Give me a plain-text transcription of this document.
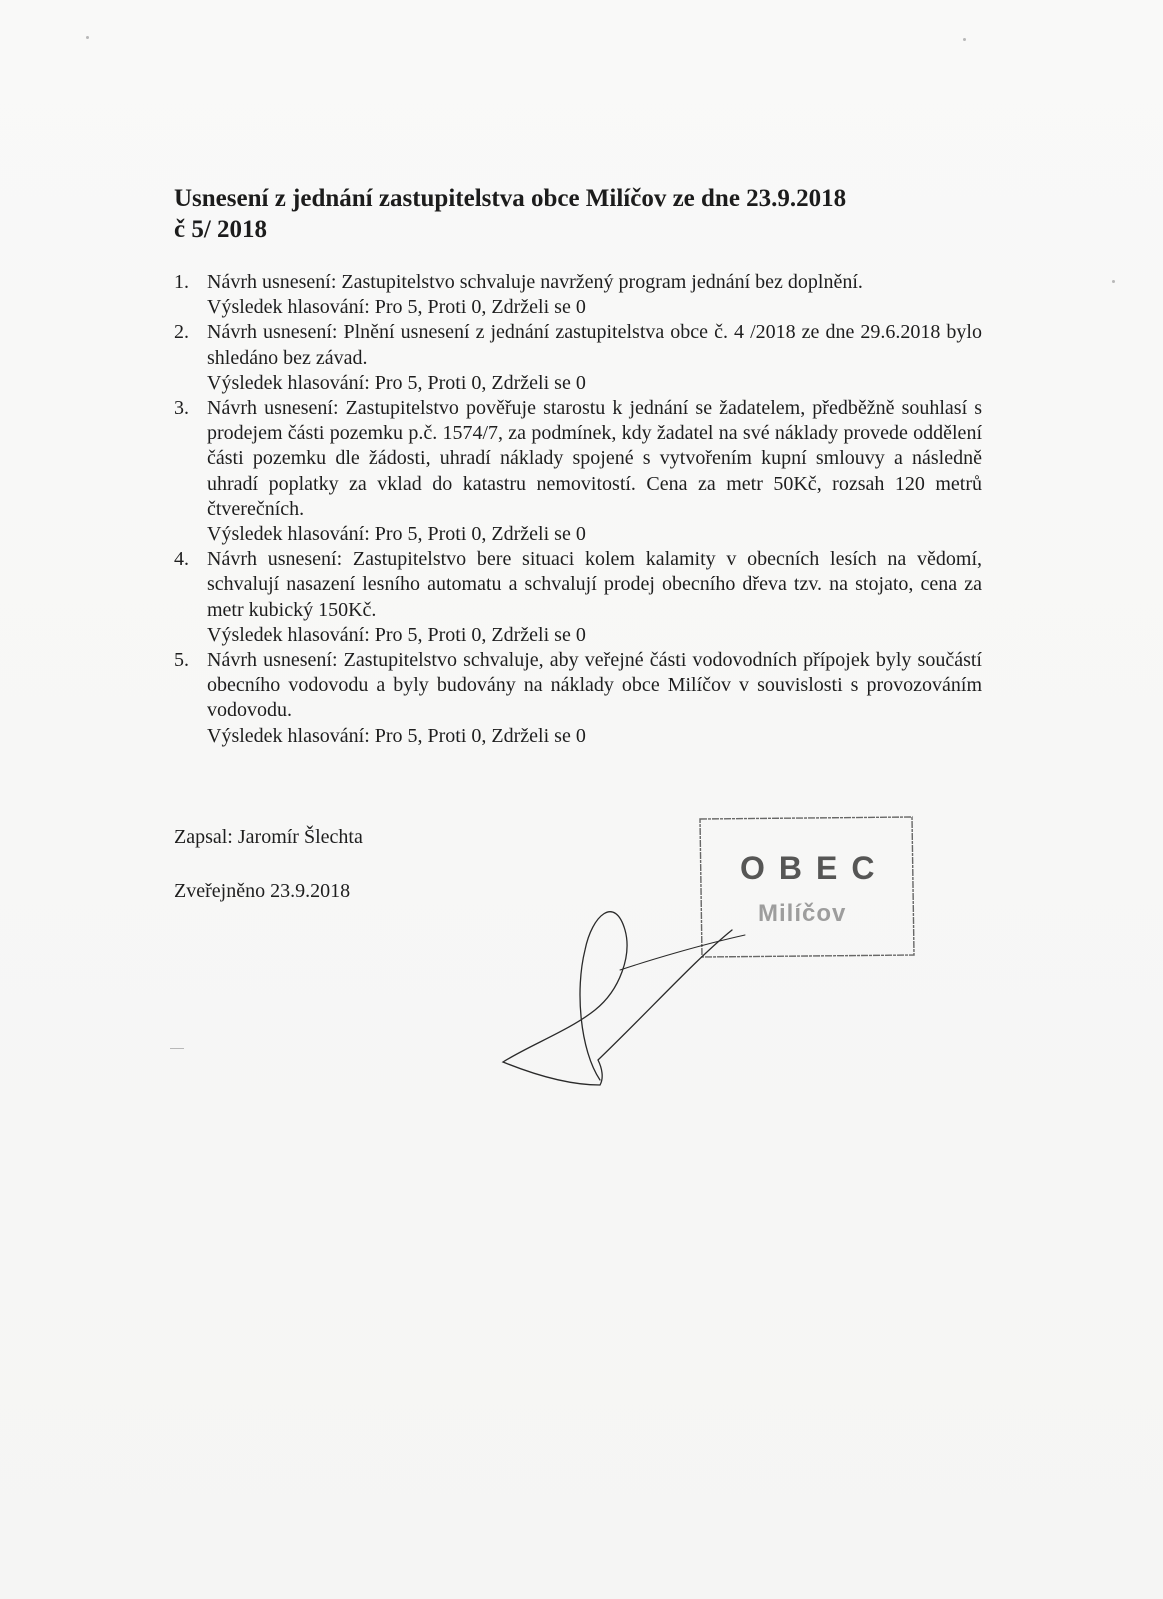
Usnesení z jednání zastupitelstva obce Milíčov ze dne 23.9.2018
č 5/ 2018
1. Návrh usnesení: Zastupitelstvo schvaluje navržený program jednání bez doplnění.
Výsledek hlasování: Pro 5, Proti 0, Zdrželi se 0
2. Návrh usnesení: Plnění usnesení z jednání zastupitelstva obce č. 4 /2018 ze dne 29.6.2018 bylo shledáno bez závad.
Výsledek hlasování: Pro 5, Proti 0, Zdrželi se 0
3. Návrh usnesení: Zastupitelstvo pověřuje starostu k jednání se žadatelem, předběžně souhlasí s prodejem části pozemku p.č. 1574/7, za podmínek, kdy žadatel na své náklady provede oddělení části pozemku dle žádosti, uhradí náklady spojené s vytvořením kupní smlouvy a následně uhradí poplatky za vklad do katastru nemovitostí. Cena za metr 50Kč, rozsah 120 metrů čtverečních.
Výsledek hlasování: Pro 5, Proti 0, Zdrželi se 0
4. Návrh usnesení: Zastupitelstvo bere situaci kolem kalamity v obecních lesích na vědomí, schvalují nasazení lesního automatu a schvalují prodej obecního dřeva tzv. na stojato, cena za metr kubický 150Kč.
Výsledek hlasování: Pro 5, Proti 0, Zdrželi se 0
5. Návrh usnesení: Zastupitelstvo schvaluje, aby veřejné části vodovodních přípojek byly součástí obecního vodovodu a byly budovány na náklady obce Milíčov v souvislosti s provozováním vodovodu.
Výsledek hlasování: Pro 5, Proti 0, Zdrželi se 0
Zapsal: Jaromír Šlechta
Zveřejněno 23.9.2018
OBEC
Milíčov
